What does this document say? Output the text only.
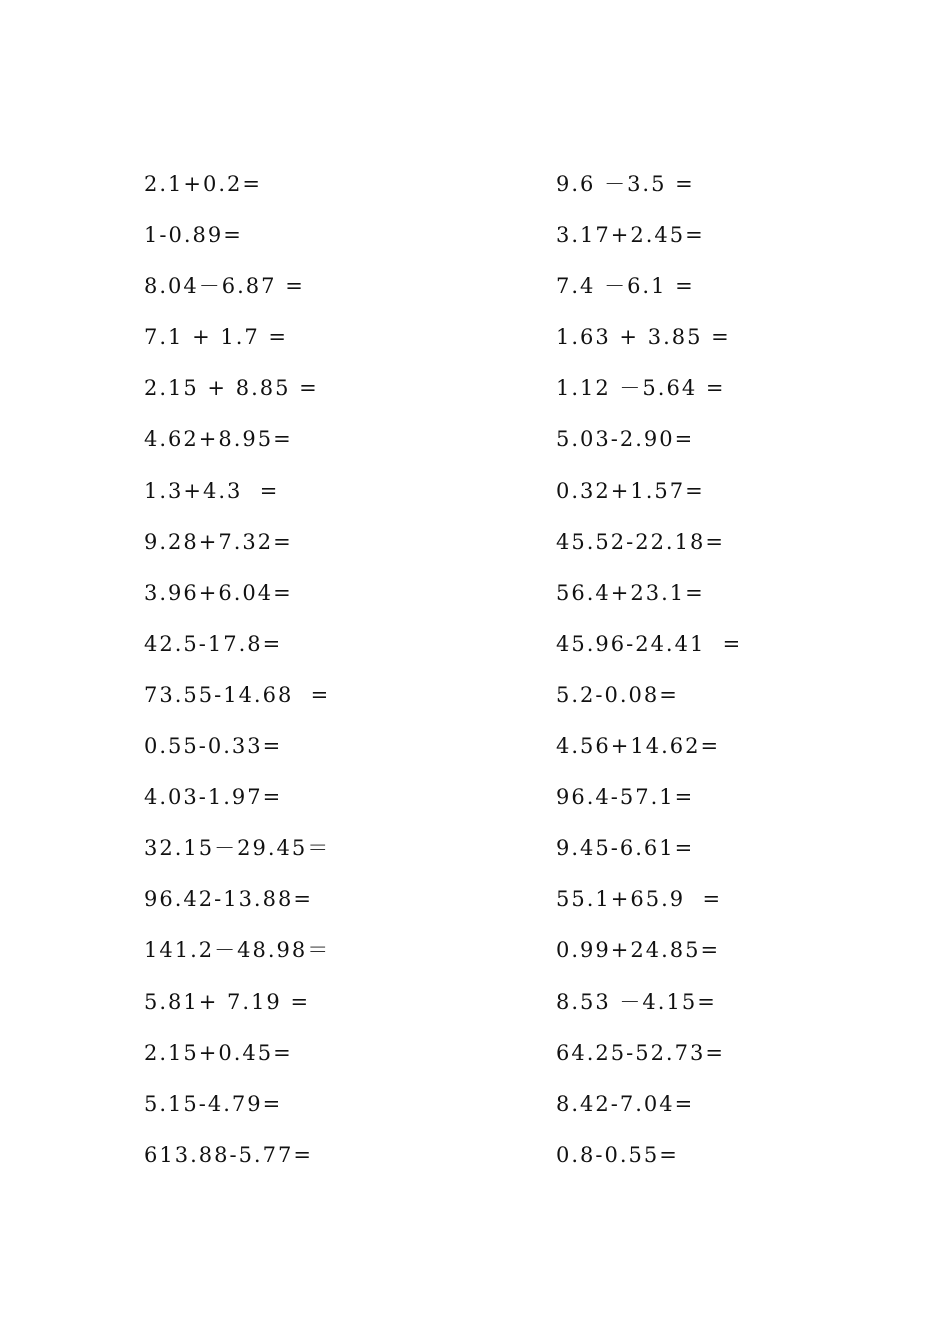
2.1+0.2=
1-0.89=
8.04－6.87 =
7.1 + 1.7 =
2.15 + 8.85 =
4.62+8.95=
1.3+4.3  =
9.28+7.32=
3.96+6.04=
42.5-17.8=
73.55-14.68  =
0.55-0.33=
4.03-1.97=
32.15－29.45＝
96.42-13.88=
141.2－48.98＝
5.81+ 7.19 =
2.15+0.45=
5.15-4.79=
613.88-5.77=
9.6 －3.5 =
3.17+2.45=
7.4 －6.1 =
1.63 + 3.85 =
1.12 －5.64 =
5.03-2.90=
0.32+1.57=
45.52-22.18=
56.4+23.1=
45.96-24.41  =
5.2-0.08=
4.56+14.62=
96.4-57.1=
9.45-6.61=
55.1+65.9  =
0.99+24.85=
8.53 －4.15=
64.25-52.73=
8.42-7.04=
0.8-0.55=
